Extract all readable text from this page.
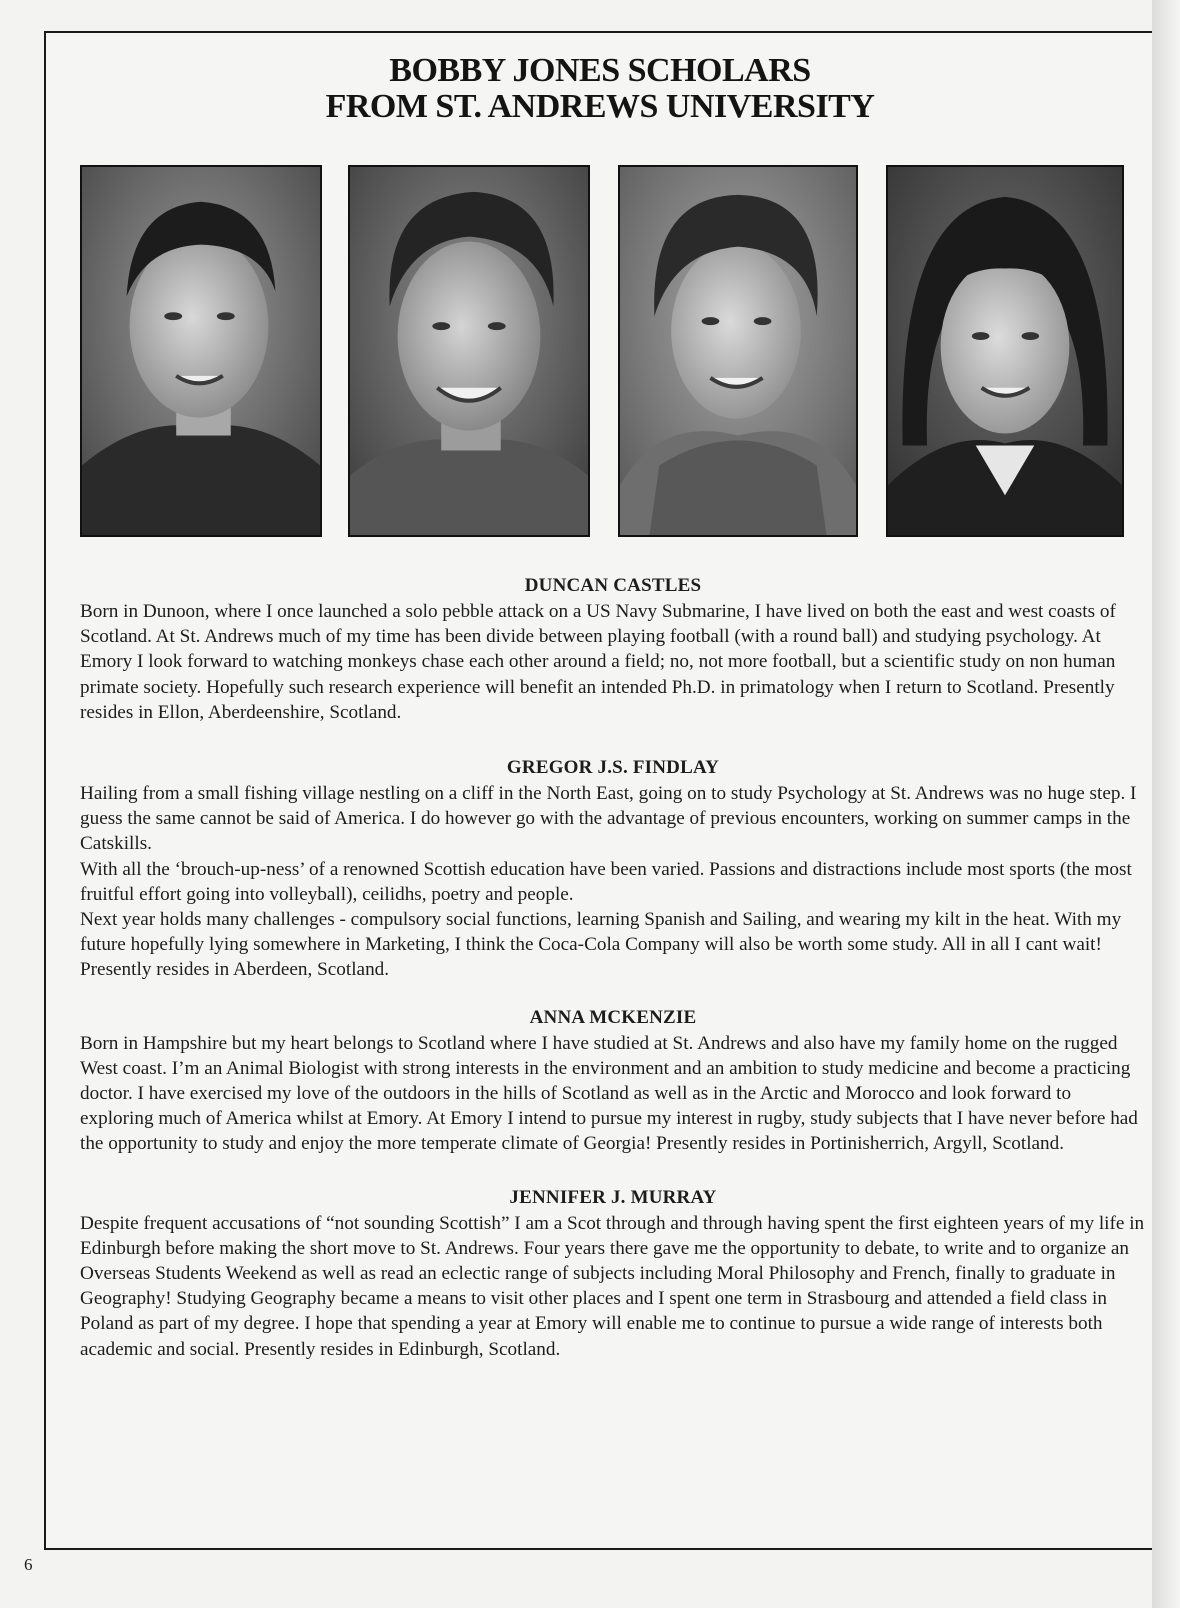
BOBBY JONES SCHOLARS
FROM ST. ANDREWS UNIVERSITY
DUNCAN CASTLES

Born in Dunoon, where I once launched a solo pebble attack on a US Navy Submarine, I have lived on both the east and west coasts of Scotland. At St. Andrews much of my time has been divide between playing football (with a round ball) and studying psychology. At Emory I look forward to watching monkeys chase each other around a field; no, not more football, but a scientific study on non human primate society. Hopefully such research experience will benefit an intended Ph.D. in primatology when I return to Scotland. Presently resides in Ellon, Aberdeenshire, Scotland.

GREGOR J.S. FINDLAY

Hailing from a small fishing village nestling on a cliff in the North East, going on to study Psychology at St. Andrews was no huge step. I guess the same cannot be said of America. I do however go with the advantage of previous encounters, working on summer camps in the Catskills.

With all the ‘brouch-up-ness’ of a renowned Scottish education have been varied. Passions and distractions include most sports (the most fruitful effort going into volleyball), ceilidhs, poetry and people.

Next year holds many challenges - compulsory social functions, learning Spanish and Sailing, and wearing my kilt in the heat. With my future hopefully lying somewhere in Marketing, I think the Coca-Cola Company will also be worth some study. All in all I cant wait! Presently resides in Aberdeen, Scotland.

ANNA MCKENZIE

Born in Hampshire but my heart belongs to Scotland where I have studied at St. Andrews and also have my family home on the rugged West coast. I’m an Animal Biologist with strong interests in the environment and an ambition to study medicine and become a practicing doctor. I have exercised my love of the outdoors in the hills of Scotland as well as in the Arctic and Morocco and look forward to exploring much of America whilst at Emory. At Emory I intend to pursue my interest in rugby, study subjects that I have never before had the opportunity to study and enjoy the more temperate climate of Georgia! Presently resides in Portinisherrich, Argyll, Scotland.

JENNIFER J. MURRAY

Despite frequent accusations of “not sounding Scottish” I am a Scot through and through having spent the first eighteen years of my life in Edinburgh before making the short move to St. Andrews. Four years there gave me the opportunity to debate, to write and to organize an Overseas Students Weekend as well as read an eclectic range of subjects including Moral Philosophy and French, finally to graduate in Geography! Studying Geography became a means to visit other places and I spent one term in Strasbourg and attended a field class in Poland as part of my degree. I hope that spending a year at Emory will enable me to continue to pursue a wide range of interests both academic and social. Presently resides in Edinburgh, Scotland.

6
